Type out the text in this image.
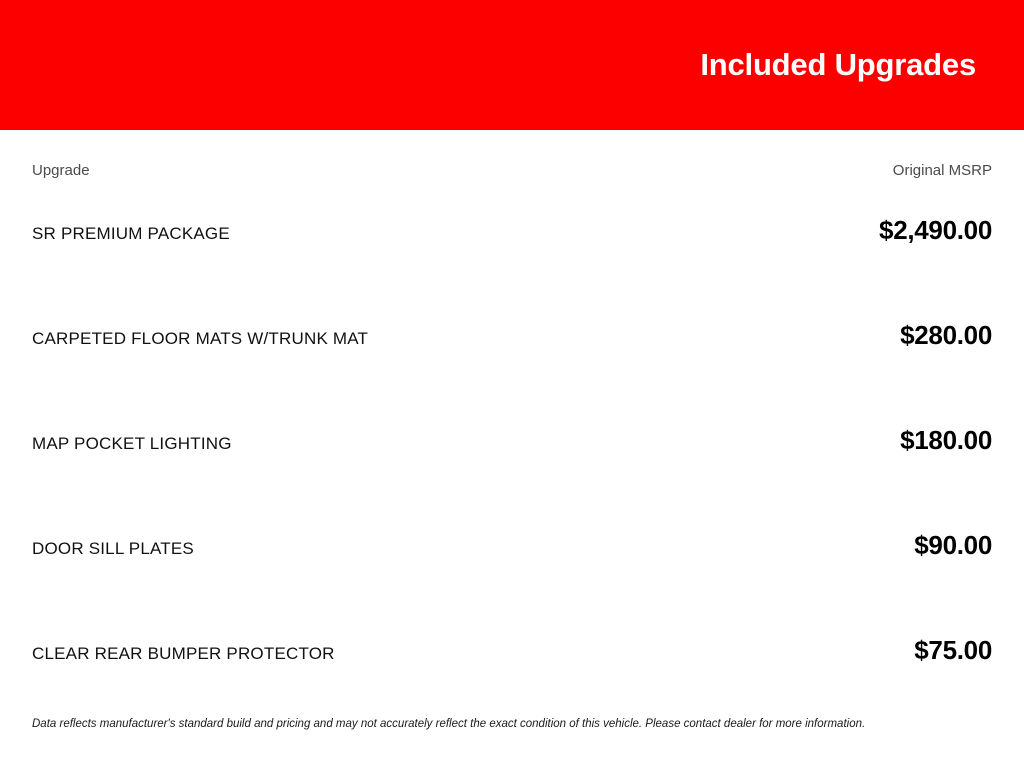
Included Upgrades
Upgrade	Original MSRP
SR PREMIUM PACKAGE	$2,490.00
CARPETED FLOOR MATS W/TRUNK MAT	$280.00
MAP POCKET LIGHTING	$180.00
DOOR SILL PLATES	$90.00
CLEAR REAR BUMPER PROTECTOR	$75.00
Data reflects manufacturer's standard build and pricing and may not accurately reflect the exact condition of this vehicle. Please contact dealer for more information.
